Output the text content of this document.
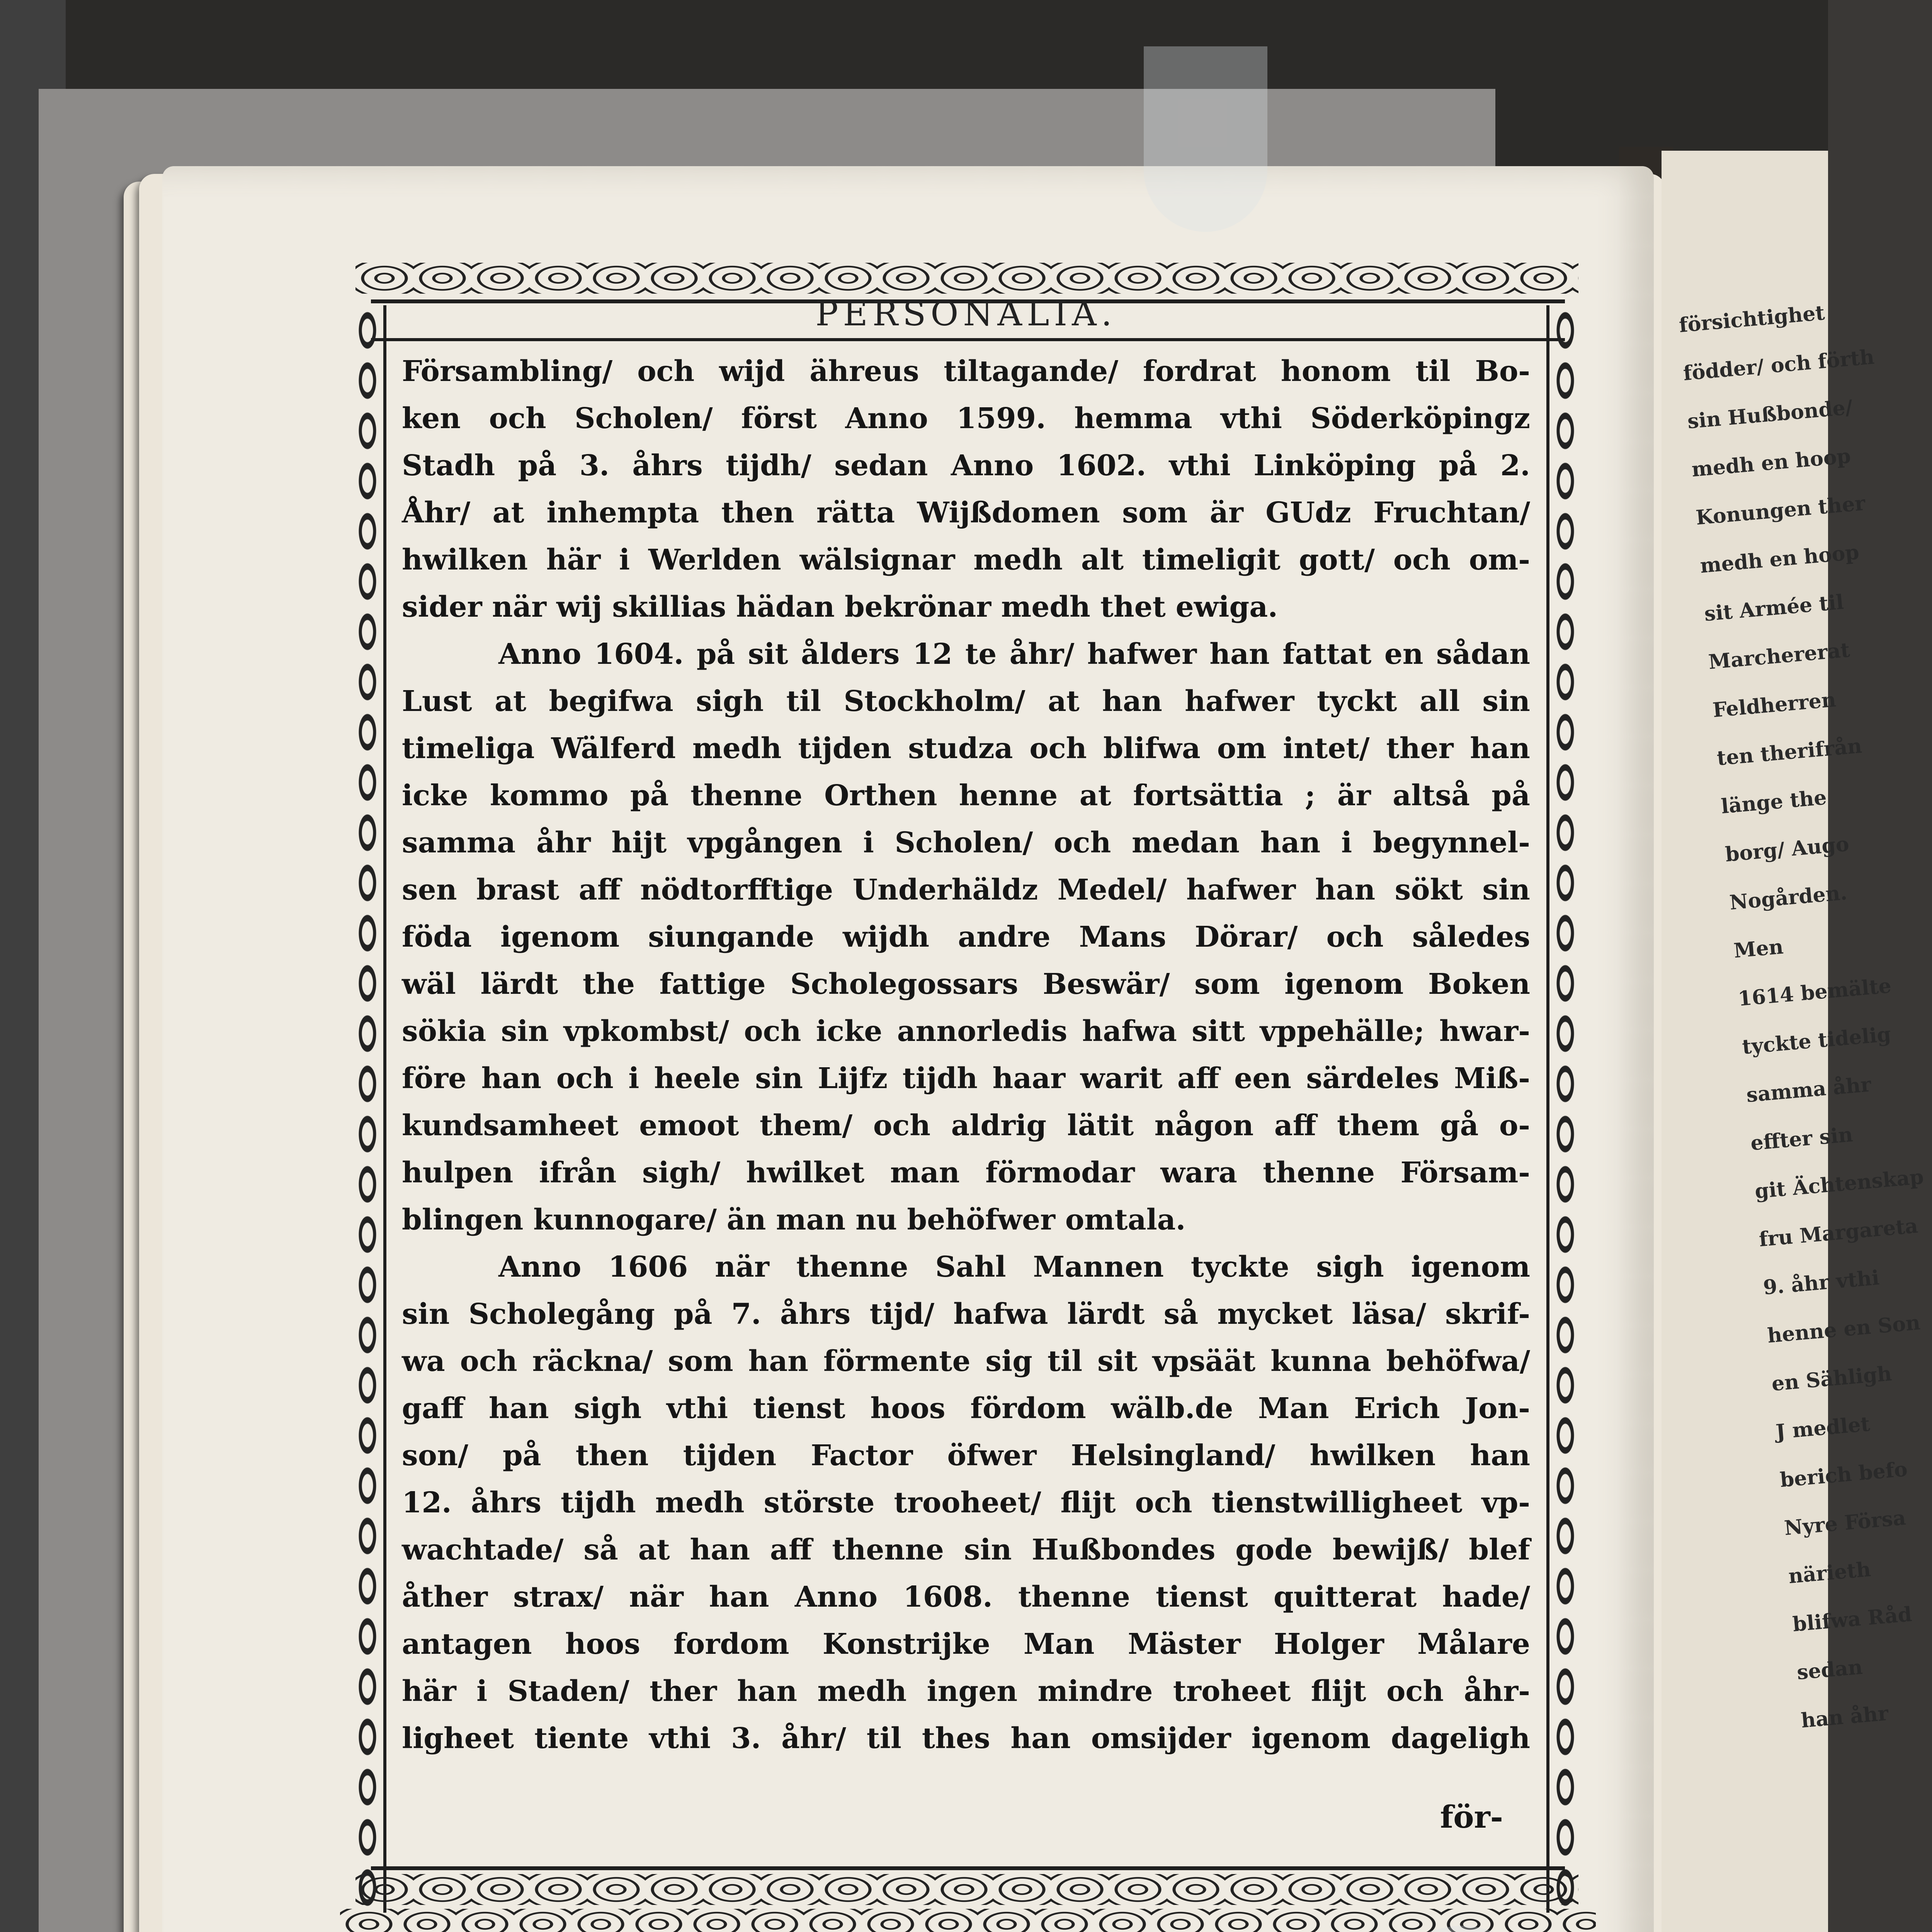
PERSONALIA.
Försambling/ och wijd ähreus tiltagande/ fordrat honom til Bo-
ken och Scholen/ först Anno 1599. hemma vthi Söderköpingz
Stadh på 3. åhrs tijdh/ sedan Anno 1602. vthi Linköping på 2.
Åhr/ at inhempta then rätta Wijßdomen som är GUdz Fruchtan/
hwilken här i Werlden wälsignar medh alt timeligit gott/ och om-
sider när wij skillias hädan bekrönar medh thet ewiga.
Anno 1604. på sit ålders 12 te åhr/ hafwer han fattat en sådan
Lust at begifwa sigh til Stockholm/ at han hafwer tyckt all sin
timeliga Wälferd medh tijden studza och blifwa om intet/ ther han
icke kommo på thenne Orthen henne at fortsättia ; är altså på
samma åhr hijt vpgången i Scholen/ och medan han i begynnel-
sen brast aff nödtorfftige Underhäldz Medel/ hafwer han sökt sin
föda igenom siungande wijdh andre Mans Dörar/ och således
wäl lärdt the fattige Scholegossars Beswär/ som igenom Boken
sökia sin vpkombst/ och icke annorledis hafwa sitt vppehälle; hwar-
före han och i heele sin Lijfz tijdh haar warit aff een särdeles Miß-
kundsamheet emoot them/ och aldrig lätit någon aff them gå o-
hulpen ifrån sigh/ hwilket man förmodar wara thenne Försam-
blingen kunnogare/ än man nu behöfwer omtala.
Anno 1606 när thenne Sahl Mannen tyckte sigh igenom
sin Scholegång på 7. åhrs tijd/ hafwa lärdt så mycket läsa/ skrif-
wa och räckna/ som han förmente sig til sit vpsäät kunna behöfwa/
gaff han sigh vthi tienst hoos fördom wälb.de Man Erich Jon-
son/ på then tijden Factor öfwer Helsingland/ hwilken han
12. åhrs tijdh medh störste trooheet/ flijt och tienstwilligheet vp-
wachtade/ så at han aff thenne sin Hußbondes gode bewijß/ blef
åther strax/ när han Anno 1608. thenne tienst quitterat hade/
antagen hoos fordom Konstrijke Man Mäster Holger Målare
här i Staden/ ther han medh ingen mindre troheet flijt och åhr-
ligheet tiente vthi 3. åhr/ til thes han omsijder igenom dageligh
för-
försichtighet
födder/ och förth
sin Hußbonde/
medh en hoop
Konungen ther
medh en hoop
sit Armée til
Marchererat
Feldherren
ten therifrån
länge the
borg/ Augo
Nogården.
Men
1614 bemälte
tyckte tidelig
samma åhr
effter sin
git Ächtenskap
fru Margareta
9. åhr vthi
henne en Son
en Sähligh
J medlet
berich befo
Nyre Försa
närieth
blifwa Råd
sedan
han åhr
